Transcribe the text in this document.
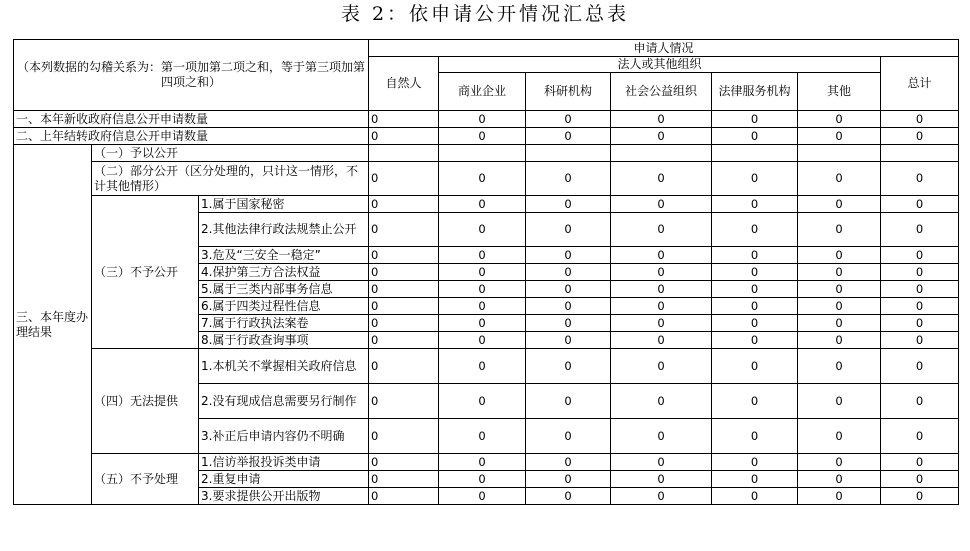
表 2：依申请公开情况汇总表
（本列数据的勾稽关系为：第一项加第二项之和，等于第三项加第四项之和）			申请人情况						
			自然人	法人或其他组织					总计
				商业企业	科研机构	社会公益组织	法律服务机构	其他	
一、本年新收政府信息公开申请数量			0	0	0	0	0	0	0
二、上年结转政府信息公开申请数量			0	0	0	0	0	0	0
三、本年度办理结果	（一）予以公开								
	（二）部分公开（区分处理的，只计这一情形，不计其他情形）		0	0	0	0	0	0	0
	（三）不予公开	1.属于国家秘密	0	0	0	0	0	0	0
		2.其他法律行政法规禁止公开	0	0	0	0	0	0	0
		3.危及“三安全一稳定”	0	0	0	0	0	0	0
		4.保护第三方合法权益	0	0	0	0	0	0	0
		5.属于三类内部事务信息	0	0	0	0	0	0	0
		6.属于四类过程性信息	0	0	0	0	0	0	0
		7.属于行政执法案卷	0	0	0	0	0	0	0
		8.属于行政查询事项	0	0	0	0	0	0	0
	（四）无法提供	1.本机关不掌握相关政府信息	0	0	0	0	0	0	0
		2.没有现成信息需要另行制作	0	0	0	0	0	0	0
		3.补正后申请内容仍不明确	0	0	0	0	0	0	0
	（五）不予处理	1.信访举报投诉类申请	0	0	0	0	0	0	0
		2.重复申请	0	0	0	0	0	0	0
		3.要求提供公开出版物	0	0	0	0	0	0	0
